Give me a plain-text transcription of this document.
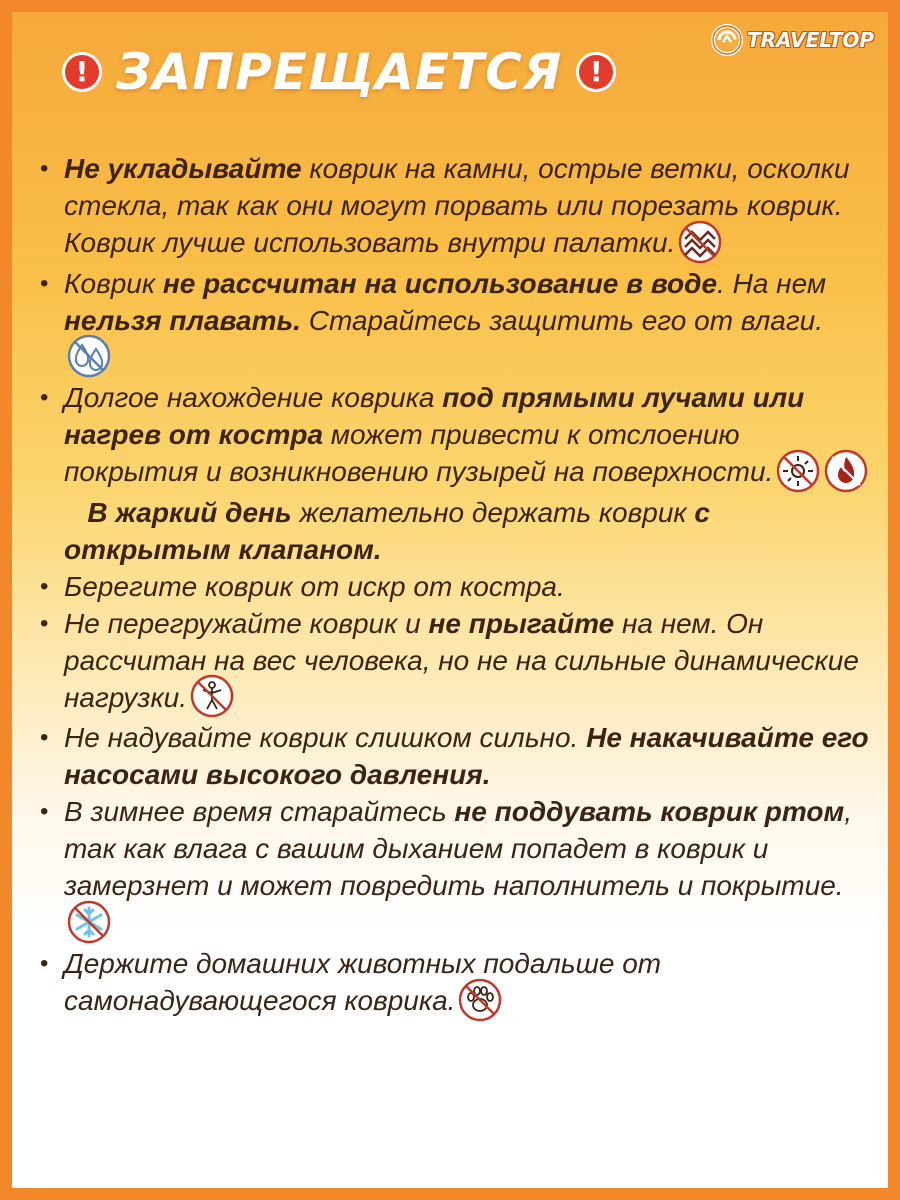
! ЗАПРЕЩАЕТСЯ !
TRAVELTOP
• Не укладывайте коврик на камни, острые ветки, осколки стекла, так как они могут порвать или порезать коврик. Коврик лучше использовать внутри палатки.
• Коврик не рассчитан на использование в воде. На нем нельзя плавать. Старайтесь защитить его от влаги.
• Долгое нахождение коврика под прямыми лучами или нагрев от костра может привести к отслоению покрытия и возникновению пузырей на поверхности.   В жаркий день желательно держать коврик с открытым клапаном.
• Берегите коврик от искр от костра.
• Не перегружайте коврик и не прыгайте на нем. Он рассчитан на вес человека, но не на сильные динамические нагрузки.
• Не надувайте коврик слишком сильно. Не накачивайте его насосами высокого давления.
• В зимнее время старайтесь не поддувать коврик ртом, так как влага с вашим дыханием попадет в коврик и замерзнет и может повредить наполнитель и покрытие.
• Держите домашних животных подальше от самонадувающегося коврика.
